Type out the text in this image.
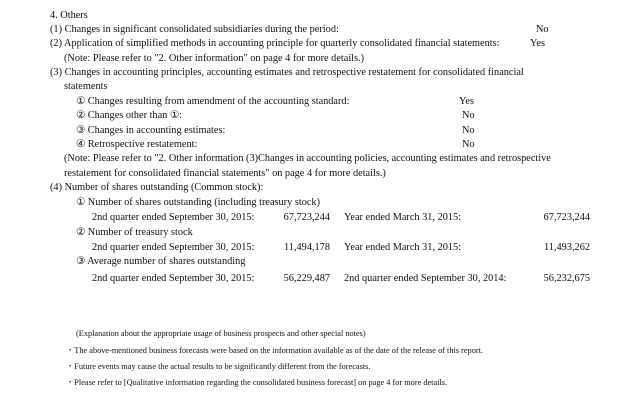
4. Others
(1) Changes in significant consolidated subsidiaries during the period:	No
(2) Application of simplified methods in accounting principle for quarterly consolidated financial statements:	Yes
(Note: Please refer to "2. Other information" on page 4 for more details.)
(3) Changes in accounting principles, accounting estimates and retrospective restatement for consolidated financial
statements
① Changes resulting from amendment of the accounting standard:	Yes
② Changes other than ①:	No
③ Changes in accounting estimates:	No
④ Retrospective restatement:	No
(Note: Please refer to "2. Other information (3)Changes in accounting policies, accounting estimates and retrospective
restatement for consolidated financial statements" on page 4 for more details.)
(4) Number of shares outstanding (Common stock):
① Number of shares outstanding (including treasury stock)
2nd quarter ended September 30, 2015:	67,723,244 Year ended March 31, 2015:	67,723,244
② Number of treasury stock
2nd quarter ended September 30, 2015:	11,494,178 Year ended March 31, 2015:	11,493,262
③ Average number of shares outstanding
2nd quarter ended September 30, 2015:	56,229,487 2nd quarter ended September 30, 2014:	56,232,675
(Explanation about the appropriate usage of business prospects and other special notes)
・The above-mentioned business forecasts were based on the information available as of the date of the release of this report.
・Future events may cause the actual results to be significantly different from the forecasts.
・Please refer to [Qualitative information regarding the consolidated business forecast] on page 4 for more details.
